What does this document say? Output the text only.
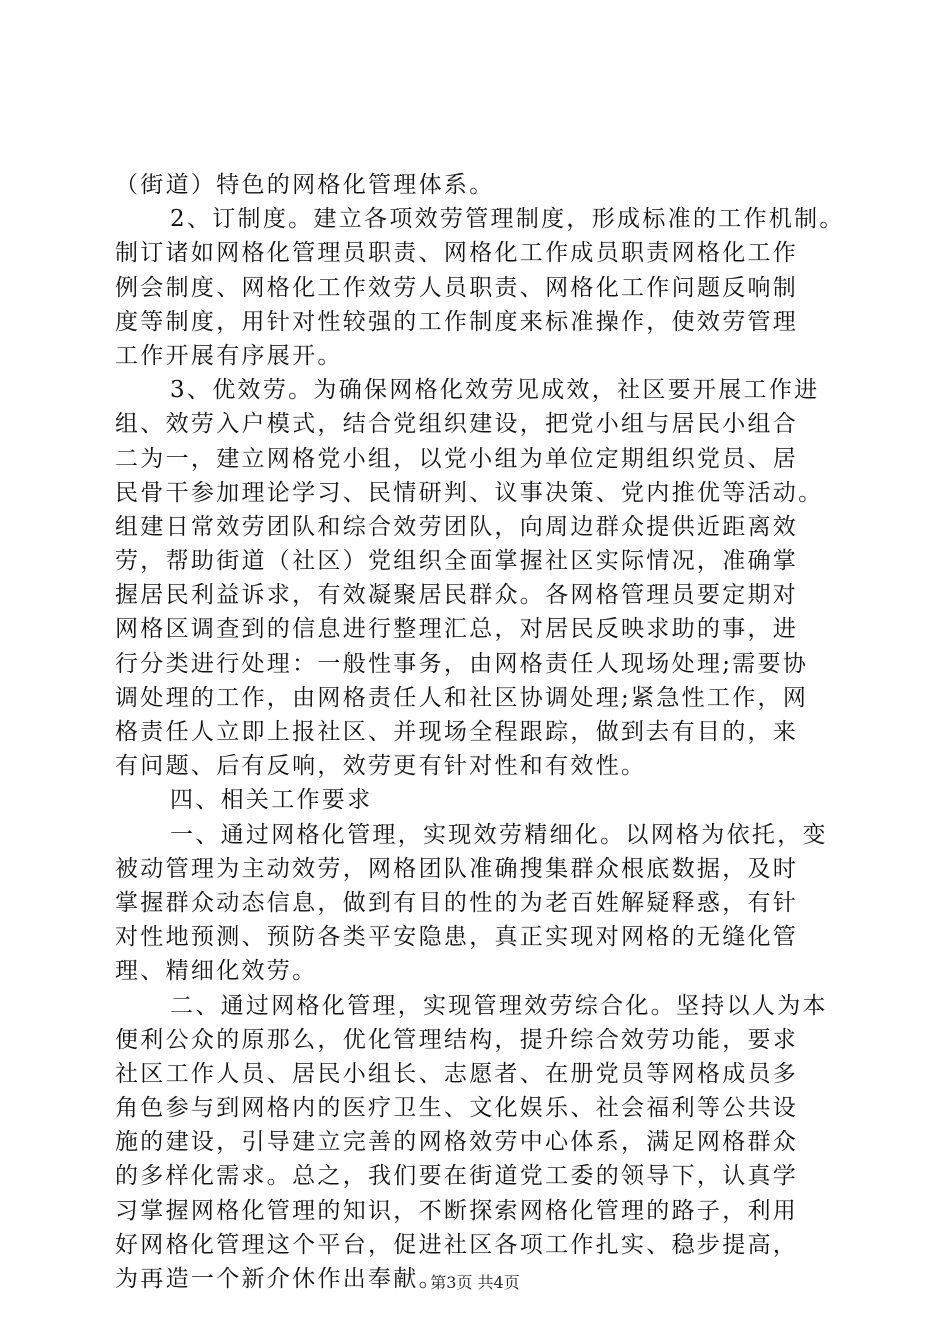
（街道）特色的网格化管理体系。
2、订制度。建立各项效劳管理制度，形成标准的工作机制。
制订诸如网格化管理员职责、网格化工作成员职责网格化工作
例会制度、网格化工作效劳人员职责、网格化工作问题反响制
度等制度，用针对性较强的工作制度来标准操作，使效劳管理
工作开展有序展开。
3、优效劳。为确保网格化效劳见成效，社区要开展工作进
组、效劳入户模式，结合党组织建设，把党小组与居民小组合
二为一，建立网格党小组，以党小组为单位定期组织党员、居
民骨干参加理论学习、民情研判、议事决策、党内推优等活动。
组建日常效劳团队和综合效劳团队，向周边群众提供近距离效
劳，帮助街道（社区）党组织全面掌握社区实际情况，准确掌
握居民利益诉求，有效凝聚居民群众。各网格管理员要定期对
网格区调查到的信息进行整理汇总，对居民反映求助的事，进
行分类进行处理：一般性事务，由网格责任人现场处理;需要协
调处理的工作，由网格责任人和社区协调处理;紧急性工作，网
格责任人立即上报社区、并现场全程跟踪，做到去有目的，来
有问题、后有反响，效劳更有针对性和有效性。
四、相关工作要求
一、通过网格化管理，实现效劳精细化。以网格为依托，变
被动管理为主动效劳，网格团队准确搜集群众根底数据，及时
掌握群众动态信息，做到有目的性的为老百姓解疑释惑，有针
对性地预测、预防各类平安隐患，真正实现对网格的无缝化管
理、精细化效劳。
二、通过网格化管理，实现管理效劳综合化。坚持以人为本
便利公众的原那么，优化管理结构，提升综合效劳功能，要求
社区工作人员、居民小组长、志愿者、在册党员等网格成员多
角色参与到网格内的医疗卫生、文化娱乐、社会福利等公共设
施的建设，引导建立完善的网格效劳中心体系，满足网格群众
的多样化需求。总之，我们要在街道党工委的领导下，认真学
习掌握网格化管理的知识，不断探索网格化管理的路子，利用
好网格化管理这个平台，促进社区各项工作扎实、稳步提高，
为再造一个新介休作出奉献。
第3页 共4页
